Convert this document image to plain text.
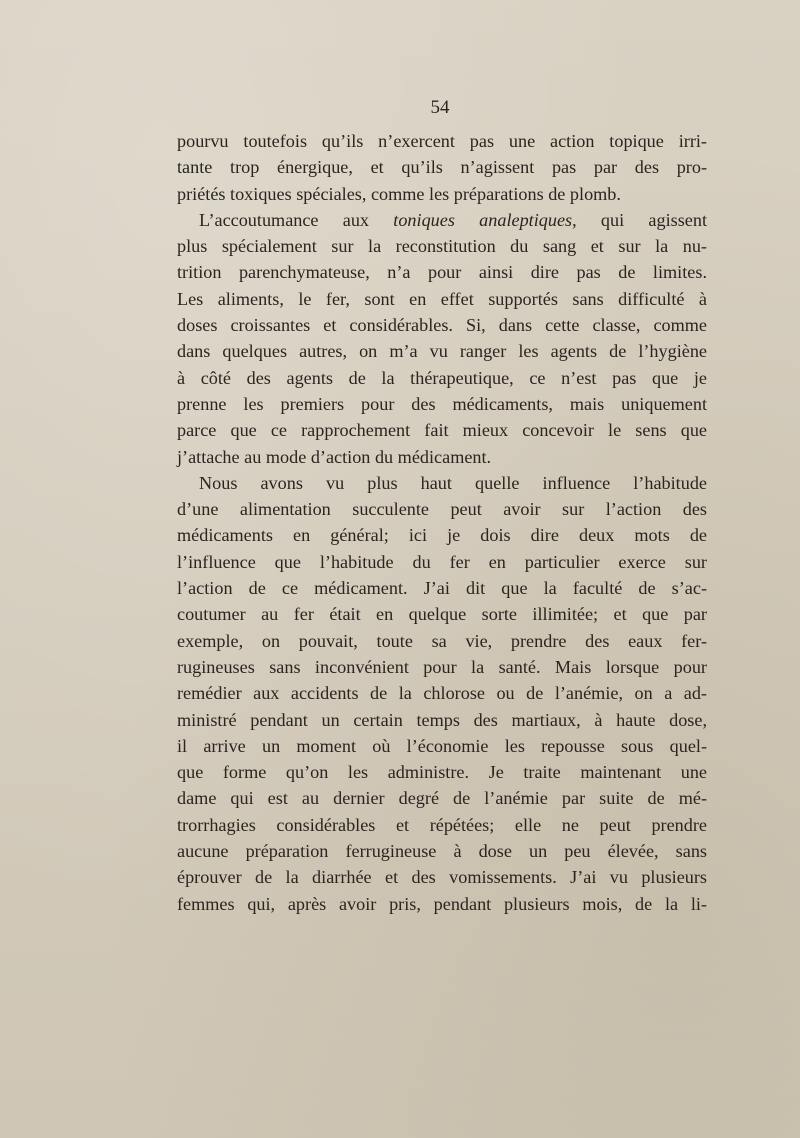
54
pourvu toutefois qu’ils n’exercent pas une action topique irri-
tante trop énergique, et qu’ils n’agissent pas par des pro-
priétés toxiques spéciales, comme les préparations de plomb.
L’accoutumance aux toniques analeptiques, qui agissent
plus spécialement sur la reconstitution du sang et sur la nu-
trition parenchymateuse, n’a pour ainsi dire pas de limites.
Les aliments, le fer, sont en effet supportés sans difficulté à
doses croissantes et considérables. Si, dans cette classe, comme
dans quelques autres, on m’a vu ranger les agents de l’hygiène
à côté des agents de la thérapeutique, ce n’est pas que je
prenne les premiers pour des médicaments, mais uniquement
parce que ce rapprochement fait mieux concevoir le sens que
j’attache au mode d’action du médicament.
Nous avons vu plus haut quelle influence l’habitude
d’une alimentation succulente peut avoir sur l’action des
médicaments en général; ici je dois dire deux mots de
l’influence que l’habitude du fer en particulier exerce sur
l’action de ce médicament. J’ai dit que la faculté de s’ac-
coutumer au fer était en quelque sorte illimitée; et que par
exemple, on pouvait, toute sa vie, prendre des eaux fer-
rugineuses sans inconvénient pour la santé. Mais lorsque pour
remédier aux accidents de la chlorose ou de l’anémie, on a ad-
ministré pendant un certain temps des martiaux, à haute dose,
il arrive un moment où l’économie les repousse sous quel-
que forme qu’on les administre. Je traite maintenant une
dame qui est au dernier degré de l’anémie par suite de mé-
trorrhagies considérables et répétées; elle ne peut prendre
aucune préparation ferrugineuse à dose un peu élevée, sans
éprouver de la diarrhée et des vomissements. J’ai vu plusieurs
femmes qui, après avoir pris, pendant plusieurs mois, de la li-
